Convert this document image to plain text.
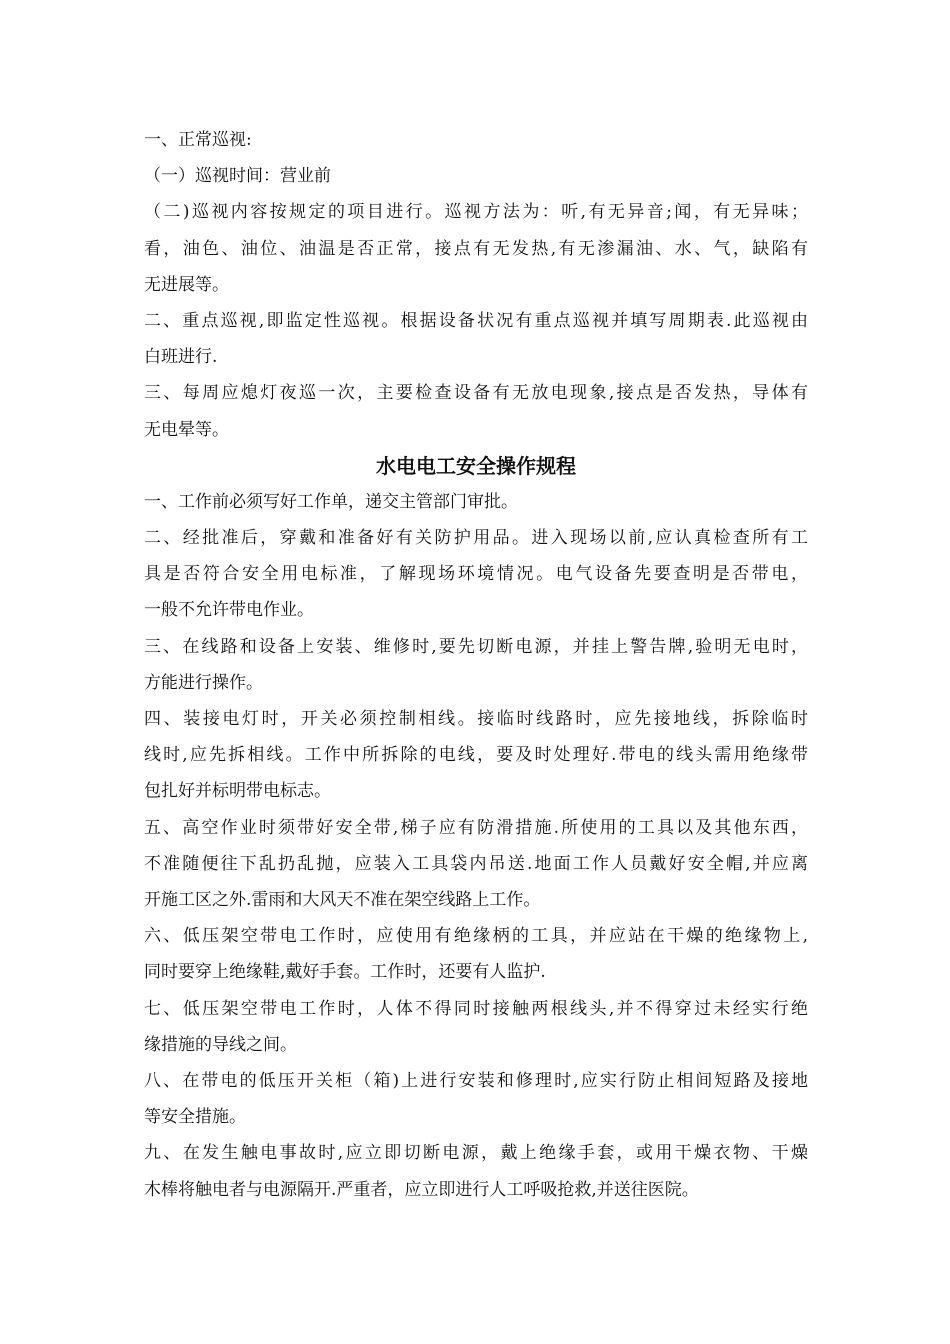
一、正常巡视:
（一）巡视时间：营业前
（二)巡视内容按规定的项目进行。巡视方法为：听,有无异音;闻，有无异味；
看，油色、油位、油温是否正常，接点有无发热,有无渗漏油、水、气，缺陷有
无进展等。
二、重点巡视,即监定性巡视。根据设备状况有重点巡视并填写周期表.此巡视由
白班进行.
三、每周应熄灯夜巡一次，主要检查设备有无放电现象,接点是否发热，导体有
无电晕等。
水电电工安全操作规程
一、工作前必须写好工作单，递交主管部门审批。
二、经批准后，穿戴和准备好有关防护用品。进入现场以前,应认真检查所有工
具是否符合安全用电标准，了解现场环境情况。电气设备先要查明是否带电，
一般不允许带电作业。
三、在线路和设备上安装、维修时,要先切断电源，并挂上警告牌,验明无电时，
方能进行操作。
四、装接电灯时，开关必须控制相线。接临时线路时，应先接地线，拆除临时
线时,应先拆相线。工作中所拆除的电线，要及时处理好.带电的线头需用绝缘带
包扎好并标明带电标志。
五、高空作业时须带好安全带,梯子应有防滑措施.所使用的工具以及其他东西，
不准随便往下乱扔乱抛，应装入工具袋内吊送.地面工作人员戴好安全帽,并应离
开施工区之外.雷雨和大风天不准在架空线路上工作。
六、低压架空带电工作时，应使用有绝缘柄的工具，并应站在干燥的绝缘物上,
同时要穿上绝缘鞋,戴好手套。工作时，还要有人监护.
七、低压架空带电工作时，人体不得同时接触两根线头,并不得穿过未经实行绝
缘措施的导线之间。
八、在带电的低压开关柜（箱)上进行安装和修理时,应实行防止相间短路及接地
等安全措施。
九、在发生触电事故时,应立即切断电源，戴上绝缘手套，或用干燥衣物、干燥
木棒将触电者与电源隔开.严重者，应立即进行人工呼吸抢救,并送往医院。
